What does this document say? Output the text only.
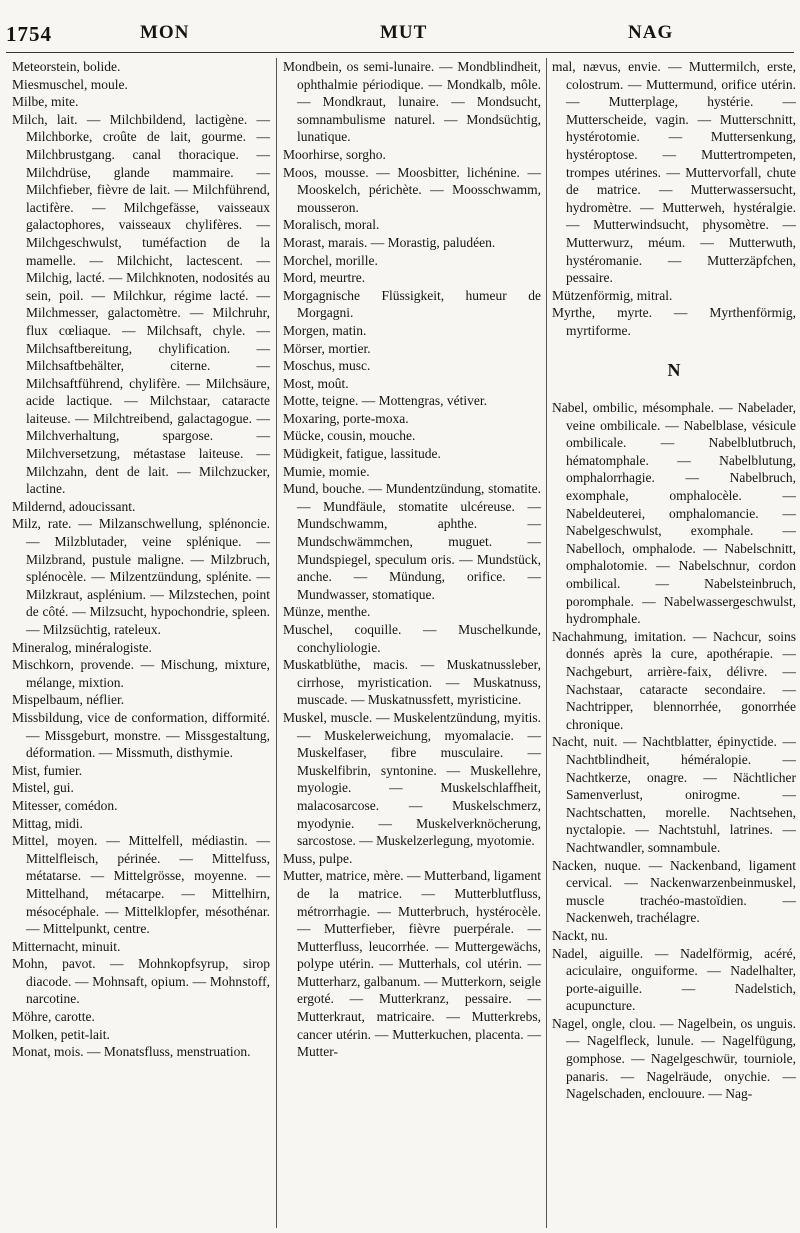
1754	MON	MUT	NAG

Meteorstein, bolide.

Miesmuschel, moule.

Milbe, mite.

Milch, lait. — Milchbildend, lactigène. — Milchborke, croûte de lait, gourme. — Milchbrustgang. canal thoracique. — Milchdrüse, glande mammaire. — Milchfieber, fièvre de lait. — Milchführend, lactifère. — Milchgefässe, vaisseaux galactophores, vaisseaux chylifères. — Milchgeschwulst, tuméfaction de la mamelle. — Milchicht, lactescent. — Milchig, lacté. — Milchknoten, nodosités au sein, poil. — Milchkur, régime lacté. — Milchmesser, galactomètre. — Milchruhr, flux cœliaque. — Milchsaft, chyle. — Milchsaftbereitung, chylification. — Milchsaftbehälter, citerne. — Milchsaftführend, chylifère. — Milchsäure, acide lactique. — Milchstaar, cataracte laiteuse. — Milchtreibend, galactagogue. — Milchverhaltung, spargose. — Milchversetzung, métastase laiteuse. — Milchzahn, dent de lait. — Milchzucker, lactine.

Mildernd, adoucissant.

Milz, rate. — Milzanschwellung, splénoncie. — Milzblutader, veine splénique. — Milzbrand, pustule maligne. — Milzbruch, splénocèle. — Milzentzündung, splénite. — Milzkraut, asplénium. — Milzstechen, point de côté. — Milzsucht, hypochondrie, spleen. — Milzsüchtig, rateleux.

Mineralog, minéralogiste.

Mischkorn, provende. — Mischung, mixture, mélange, mixtion.

Mispelbaum, néflier.

Missbildung, vice de conformation, difformité. — Missgeburt, monstre. — Missgestaltung, déformation. — Missmuth, disthymie.

Mist, fumier.

Mistel, gui.

Mitesser, comédon.

Mittag, midi.

Mittel, moyen. — Mittelfell, médiastin. — Mittelfleisch, périnée. — Mittelfuss, métatarse. — Mittelgrösse, moyenne. — Mittelhand, métacarpe. — Mittelhirn, mésocéphale. — Mittelklopfer, mésothénar. — Mittelpunkt, centre.

Mitternacht, minuit.

Mohn, pavot. — Mohnkopfsyrup, sirop diacode. — Mohnsaft, opium. — Mohnstoff, narcotine.

Möhre, carotte.

Molken, petit-lait.

Monat, mois. — Monatsfluss, menstruation.

Mondbein, os semi-lunaire. — Mondblindheit, ophthalmie périodique. — Mondkalb, môle. — Mondkraut, lunaire. — Mondsucht, somnambulisme naturel. — Mondsüchtig, lunatique.

Moorhirse, sorgho.

Moos, mousse. — Moosbitter, lichénine. — Mooskelch, périchète. — Moosschwamm, mousseron.

Moralisch, moral.

Morast, marais. — Morastig, paludéen.

Morchel, morille.

Mord, meurtre.

Morgagnische Flüssigkeit, humeur de Morgagni.

Morgen, matin.

Mörser, mortier.

Moschus, musc.

Most, moût.

Motte, teigne. — Mottengras, vétiver.

Moxaring, porte-moxa.

Mücke, cousin, mouche.

Müdigkeit, fatigue, lassitude.

Mumie, momie.

Mund, bouche. — Mundentzündung, stomatite. — Mundfäule, stomatite ulcéreuse. — Mundschwamm, aphthe. — Mundschwämmchen, muguet. — Mundspiegel, speculum oris. — Mundstück, anche. — Mündung, orifice. — Mundwasser, stomatique.

Münze, menthe.

Muschel, coquille. — Muschelkunde, conchyliologie.

Muskatblüthe, macis. — Muskatnussleber, cirrhose, myristication. — Muskatnuss, muscade. — Muskatnussfett, myristicine.

Muskel, muscle. — Muskelentzündung, myitis. — Muskelerweichung, myomalacie. — Muskelfaser, fibre musculaire. — Muskelfibrin, syntonine. — Muskellehre, myologie. — Muskelschlaffheit, malacosarcose. — Muskelschmerz, myodynie. — Muskelverknöcherung, sarcostose. — Muskelzerlegung, myotomie.

Muss, pulpe.

Mutter, matrice, mère. — Mutterband, ligament de la matrice. — Mutterblutfluss, métrorrhagie. — Mutterbruch, hystérocèle. — Mutterfieber, fièvre puerpérale. — Mutterfluss, leucorrhée. — Muttergewächs, polype utérin. — Mutterhals, col utérin. — Mutterharz, galbanum. — Mutterkorn, seigle ergoté. — Mutterkranz, pessaire. — Mutterkraut, matricaire. — Mutterkrebs, cancer utérin. — Mutterkuchen, placenta. — Mutter-

mal, nævus, envie. — Muttermilch, erste, colostrum. — Muttermund, orifice utérin. — Mutterplage, hystérie. — Mutterscheide, vagin. — Mutterschnitt, hystérotomie. — Muttersenkung, hystéroptose. — Muttertrompeten, trompes utérines. — Muttervorfall, chute de matrice. — Mutterwassersucht, hydromètre. — Mutterweh, hystéralgie. — Mutterwindsucht, physomètre. — Mutterwurz, méum. — Mutterwuth, hystéromanie. — Mutterzäpfchen, pessaire.

Mützenförmig, mitral.

Myrthe, myrte. — Myrthenförmig, myrtiforme.

N

Nabel, ombilic, mésomphale. — Nabelader, veine ombilicale. — Nabelblase, vésicule ombilicale. — Nabelblutbruch, hématomphale. — Nabelblutung, omphalorrhagie. — Nabelbruch, exomphale, omphalocèle. — Nabeldeuterei, omphalomancie. — Nabelgeschwulst, exomphale. — Nabelloch, omphalode. — Nabelschnitt, omphalotomie. — Nabelschnur, cordon ombilical. — Nabelsteinbruch, poromphale. — Nabelwassergeschwulst, hydromphale.

Nachahmung, imitation. — Nachcur, soins donnés après la cure, apothérapie. — Nachgeburt, arrière-faix, délivre. — Nachstaar, cataracte secondaire. — Nachtripper, blennorrhée, gonorrhée chronique.

Nacht, nuit. — Nachtblatter, épinyctide. — Nachtblindheit, héméralopie. — Nachtkerze, onagre. — Nächtlicher Samenverlust, onirogme. — Nachtschatten, morelle. Nachtsehen, nyctalopie. — Nachtstuhl, latrines. — Nachtwandler, somnambule.

Nacken, nuque. — Nackenband, ligament cervical. — Nackenwarzenbeinmuskel, muscle trachéo-mastoïdien. — Nackenweh, trachélagre.

Nackt, nu.

Nadel, aiguille. — Nadelförmig, acéré, aciculaire, onguiforme. — Nadelhalter, porte-aiguille. — Nadelstich, acupuncture.

Nagel, ongle, clou. — Nagelbein, os unguis. — Nagelfleck, lunule. — Nagelfügung, gomphose. — Nagelgeschwür, tourniole, panaris. — Nagelräude, onychie. — Nagelschaden, enclouure. — Nag-
